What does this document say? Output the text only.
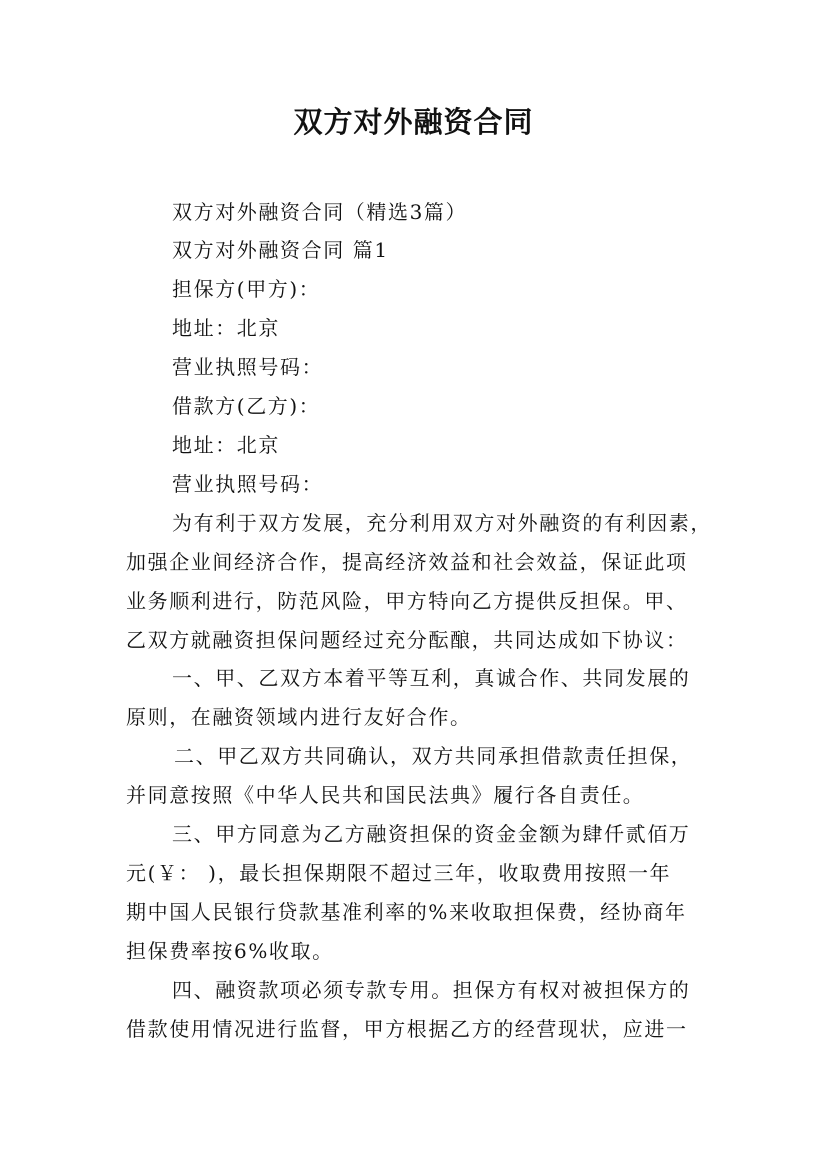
双方对外融资合同
双方对外融资合同（精选3篇）
双方对外融资合同 篇1
担保方(甲方)：
地址：北京
营业执照号码：
借款方(乙方)：
地址：北京
营业执照号码：
为有利于双方发展，充分利用双方对外融资的有利因素，
加强企业间经济合作，提高经济效益和社会效益，保证此项
业务顺利进行，防范风险，甲方特向乙方提供反担保。甲、
乙双方就融资担保问题经过充分酝酿，共同达成如下协议：
一、甲、乙双方本着平等互利，真诚合作、共同发展的
原则，在融资领域内进行友好合作。
二、甲乙双方共同确认，双方共同承担借款责任担保，
并同意按照《中华人民共和国民法典》履行各自责任。
三、甲方同意为乙方融资担保的资金金额为肆仟贰佰万
元(￥： )，最长担保期限不超过三年，收取费用按照一年
期中国人民银行贷款基准利率的%来收取担保费，经协商年
担保费率按6%收取。
四、融资款项必须专款专用。担保方有权对被担保方的
借款使用情况进行监督，甲方根据乙方的经营现状，应进一
